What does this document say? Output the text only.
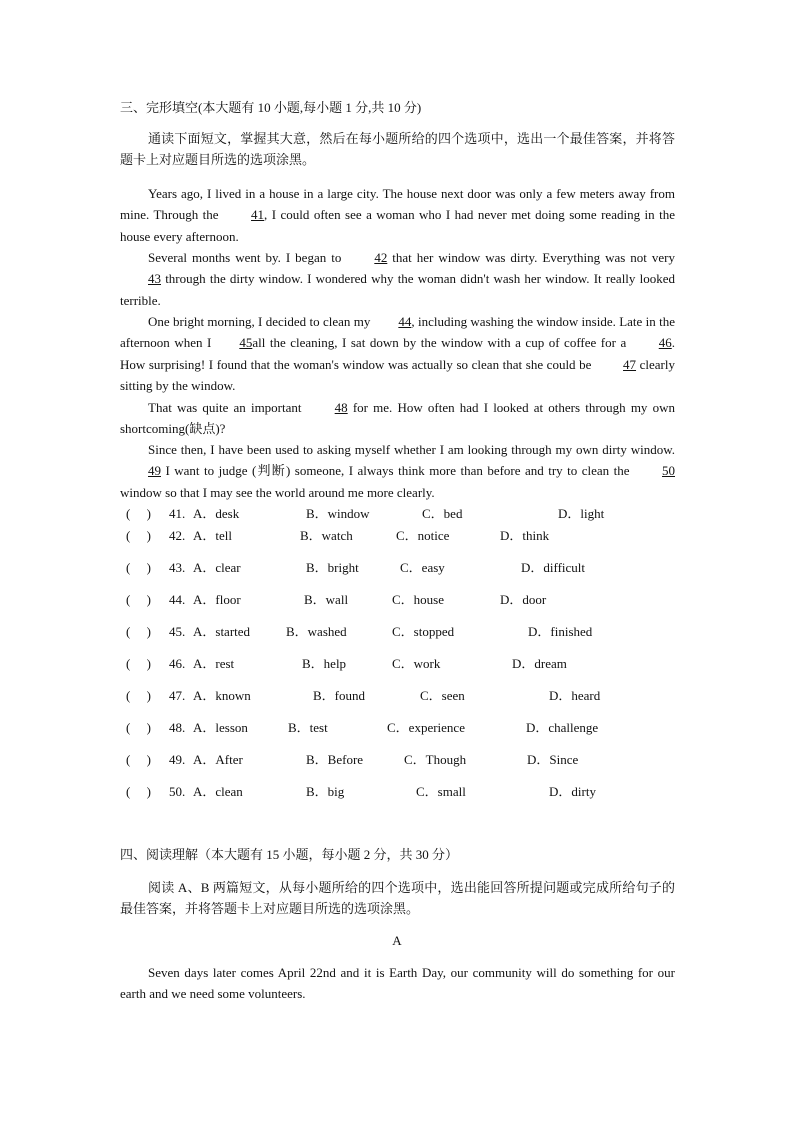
三、完形填空(本大题有 10 小题,每小题 1 分,共 10 分)

通读下面短文，掌握其大意，然后在每小题所给的四个选项中，选出一个最佳答案，并将答题卡上对应题目所选的选项涂黑。

Years ago, I lived in a house in a large city. The house next door was only a few meters away from mine. Through the 41, I could often see a woman who I had never met doing some reading in the house every afternoon.

Several months went by. I began to 42 that her window was dirty. Everything was not very43 through the dirty window. I wondered why the woman didn't wash her window. It really looked terrible.

One bright morning, I decided to clean my 44, including washing the window inside. Late in the afternoon when I 45all the cleaning, I sat down by the window with a cup of coffee for a 46. How surprising! I found that the woman's window was actually so clean that she could be 47 clearly sitting by the window.

That was quite an important 48 for me. How often had I looked at others through my own shortcoming(缺点)?

Since then, I have been used to asking myself whether I am looking through my own dirty window. 49 I want to judge (判断) someone, I always think more than before and try to clean the 50 window so that I may see the world around me more clearly.

(　 ) 41. A．desk	B．window	C．bed	D．light
(　 ) 42. A．tell	B．watch	C．notice	D．think
(　 ) 43. A．clear	B．bright	C．easy	D．difficult
(　 ) 44. A．floor	B．wall	C．house	D．door
(　 ) 45. A．started	B．washed	C．stopped	D．finished
(　 ) 46. A．rest	B．help	C．work	D．dream
(　 ) 47. A．known	B．found	C．seen	D．heard
(　 ) 48. A．lesson	B．test	C．experience	D．challenge
(　 ) 49. A．After	B．Before	C．Though	D．Since
(　 ) 50. A．clean	B．big	C．small	D．dirty
四、阅读理解（本大题有 15 小题，每小题 2 分，共 30 分）

阅读 A、B 两篇短文，从每小题所给的四个选项中，选出能回答所提问题或完成所给句子的最佳答案，并将答题卡上对应题目所选的选项涂黑。

A

Seven days later comes April 22nd and it is Earth Day, our community will do something for our earth and we need some volunteers.
